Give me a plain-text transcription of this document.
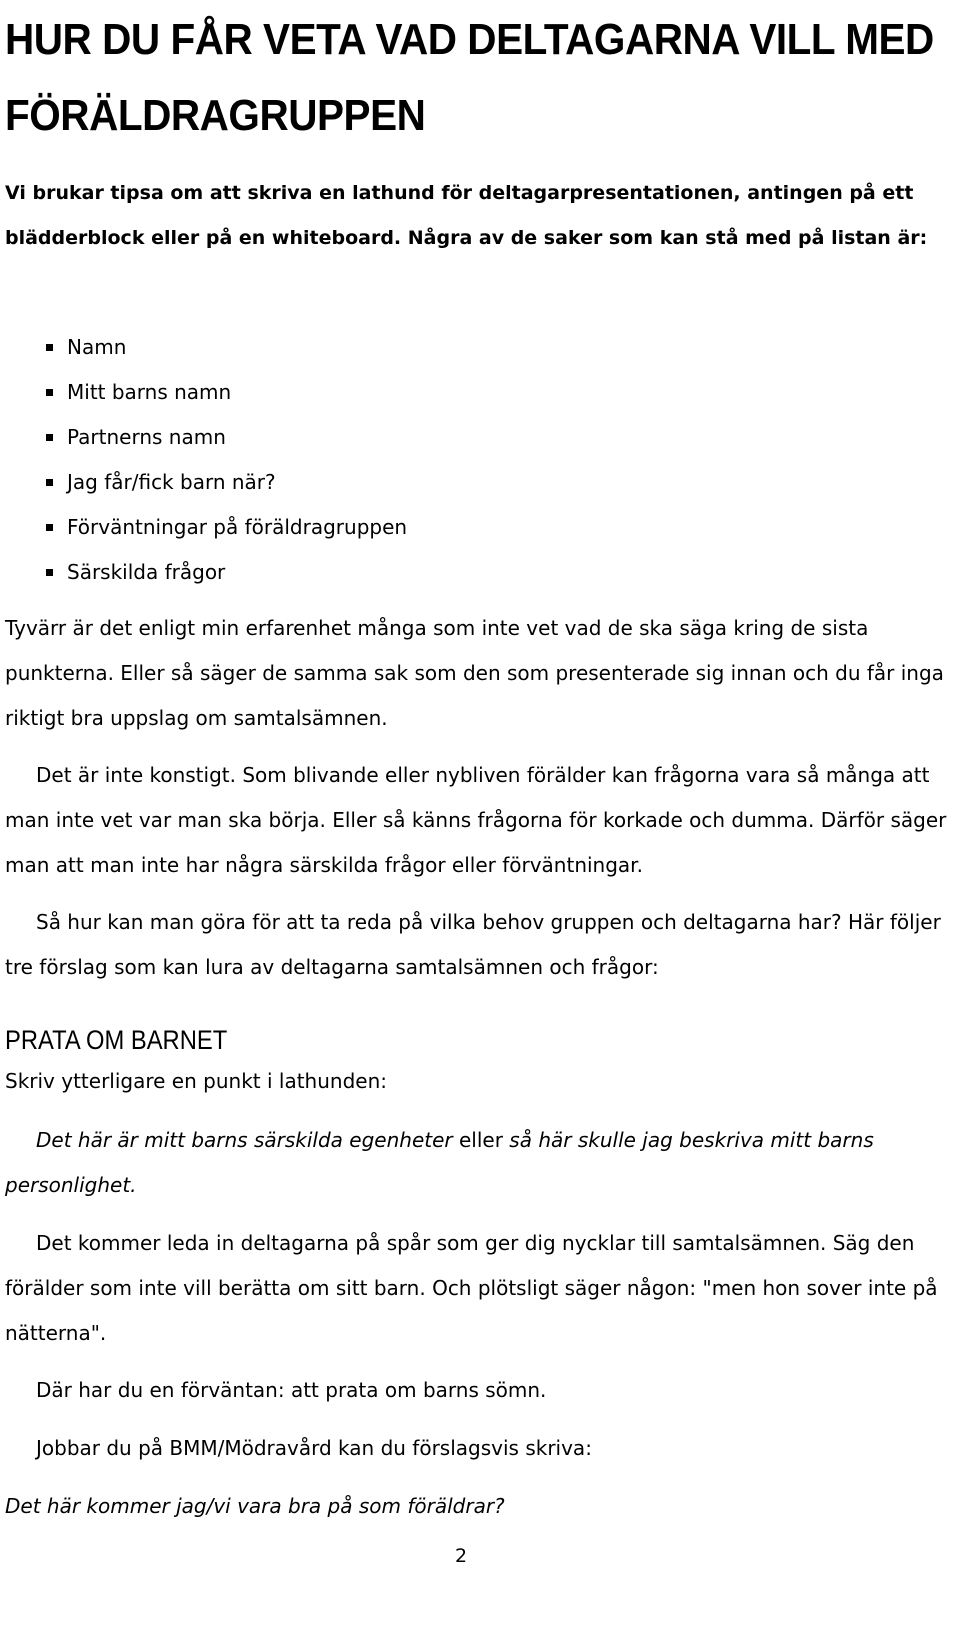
HUR DU FÅR VETA VAD DELTAGARNA VILL MED
FÖRÄLDRAGRUPPEN
Vi brukar tipsa om att skriva en lathund för deltagarpresentationen, antingen på ett
blädderblock eller på en whiteboard. Några av de saker som kan stå med på listan är:
Namn
Mitt barns namn
Partnerns namn
Jag får/fick barn när?
Förväntningar på föräldragruppen
Särskilda frågor
Tyvärr är det enligt min erfarenhet många som inte vet vad de ska säga kring de sista
punkterna. Eller så säger de samma sak som den som presenterade sig innan och du får inga
riktigt bra uppslag om samtalsämnen.
Det är inte konstigt. Som blivande eller nybliven förälder kan frågorna vara så många att
man inte vet var man ska börja. Eller så känns frågorna för korkade och dumma. Därför säger
man att man inte har några särskilda frågor eller förväntningar.
Så hur kan man göra för att ta reda på vilka behov gruppen och deltagarna har? Här följer
tre förslag som kan lura av deltagarna samtalsämnen och frågor:
PRATA OM BARNET
Skriv ytterligare en punkt i lathunden:
Det här är mitt barns särskilda egenheter eller så här skulle jag beskriva mitt barns
personlighet.
Det kommer leda in deltagarna på spår som ger dig nycklar till samtalsämnen. Säg den
förälder som inte vill berätta om sitt barn. Och plötsligt säger någon: "men hon sover inte på
nätterna".
Där har du en förväntan: att prata om barns sömn.
Jobbar du på BMM/Mödravård kan du förslagsvis skriva:
Det här kommer jag/vi vara bra på som föräldrar?
2
